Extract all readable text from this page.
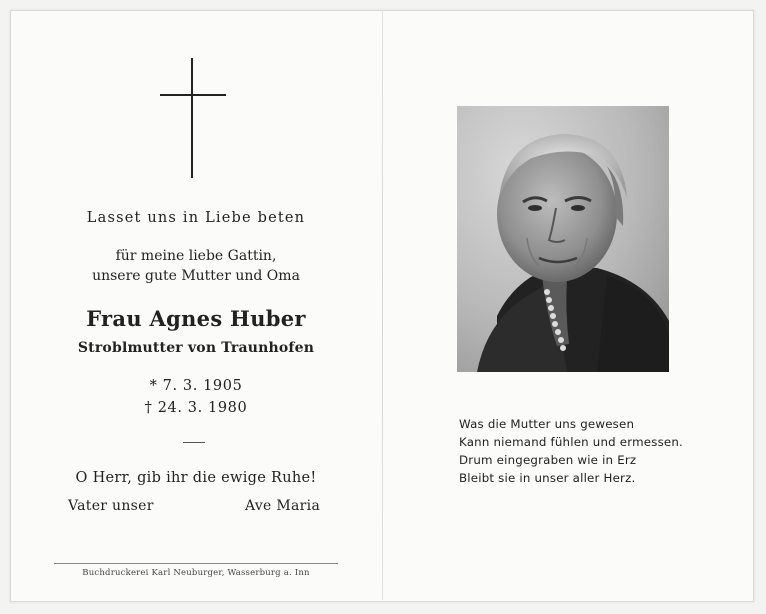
Lasset uns in Liebe beten
für meine liebe Gattin,
unsere gute Mutter und Oma
Frau Agnes Huber
Stroblmutter von Traunhofen
* 7. 3. 1905
† 24. 3. 1980
O Herr, gib ihr die ewige Ruhe!
Vater unser	Ave Maria
Buchdruckerei Karl Neuburger, Wasserburg a. Inn
Was die Mutter uns gewesen
Kann niemand fühlen und ermessen.
Drum eingegraben wie in Erz
Bleibt sie in unser aller Herz.
